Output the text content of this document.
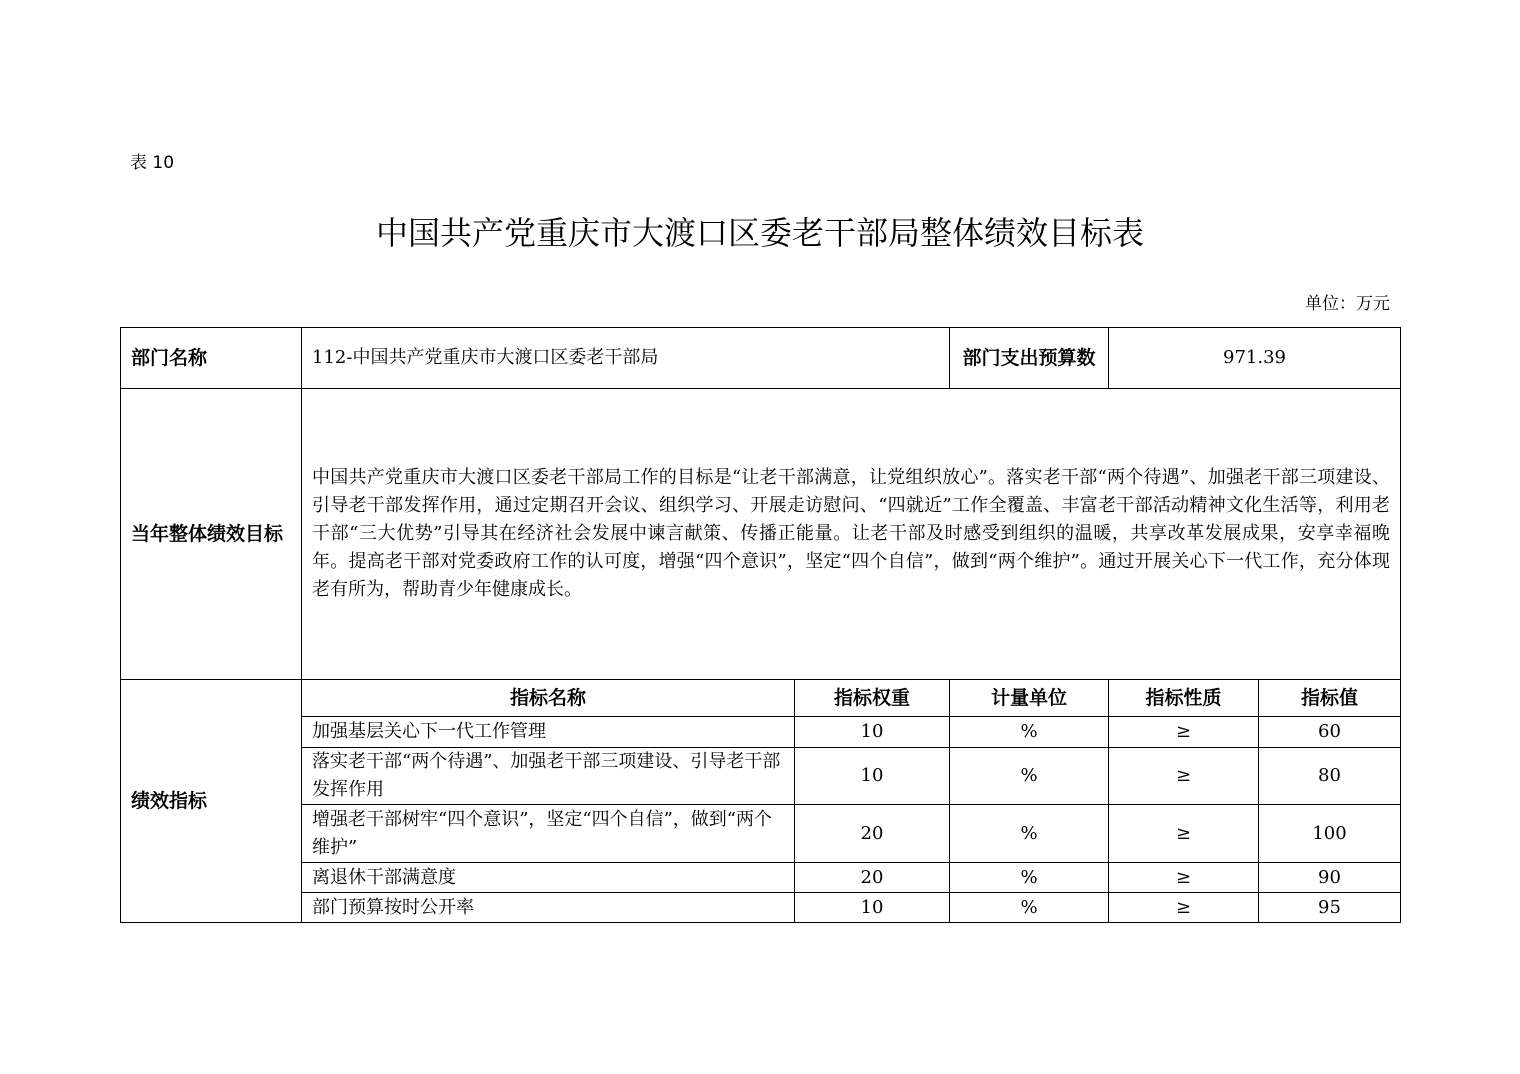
表 10
中国共产党重庆市大渡口区委老干部局整体绩效目标表
单位：万元
部门名称	112-中国共产党重庆市大渡口区委老干部局		部门支出预算数	971.39	
当年整体绩效目标	中国共产党重庆市大渡口区委老干部局工作的目标是“让老干部满意，让党组织放心”。落实老干部“两个待遇”、加强老干部三项建设、引导老干部发挥作用，通过定期召开会议、组织学习、开展走访慰问、“四就近”工作全覆盖、丰富老干部活动精神文化生活等，利用老干部“三大优势”引导其在经济社会发展中谏言献策、传播正能量。让老干部及时感受到组织的温暖，共享改革发展成果，安享幸福晚年。提高老干部对党委政府工作的认可度，增强“四个意识”，坚定“四个自信”，做到“两个维护”。通过开展关心下一代工作，充分体现老有所为，帮助青少年健康成长。				
绩效指标	指标名称	指标权重	计量单位	指标性质	指标值
	加强基层关心下一代工作管理	10	%	≥	60
	落实老干部“两个待遇”、加强老干部三项建设、引导老干部发挥作用	10	%	≥	80
	增强老干部树牢“四个意识”，坚定“四个自信”，做到“两个维护”	20	%	≥	100
	离退休干部满意度	20	%	≥	90
	部门预算按时公开率	10	%	≥	95
